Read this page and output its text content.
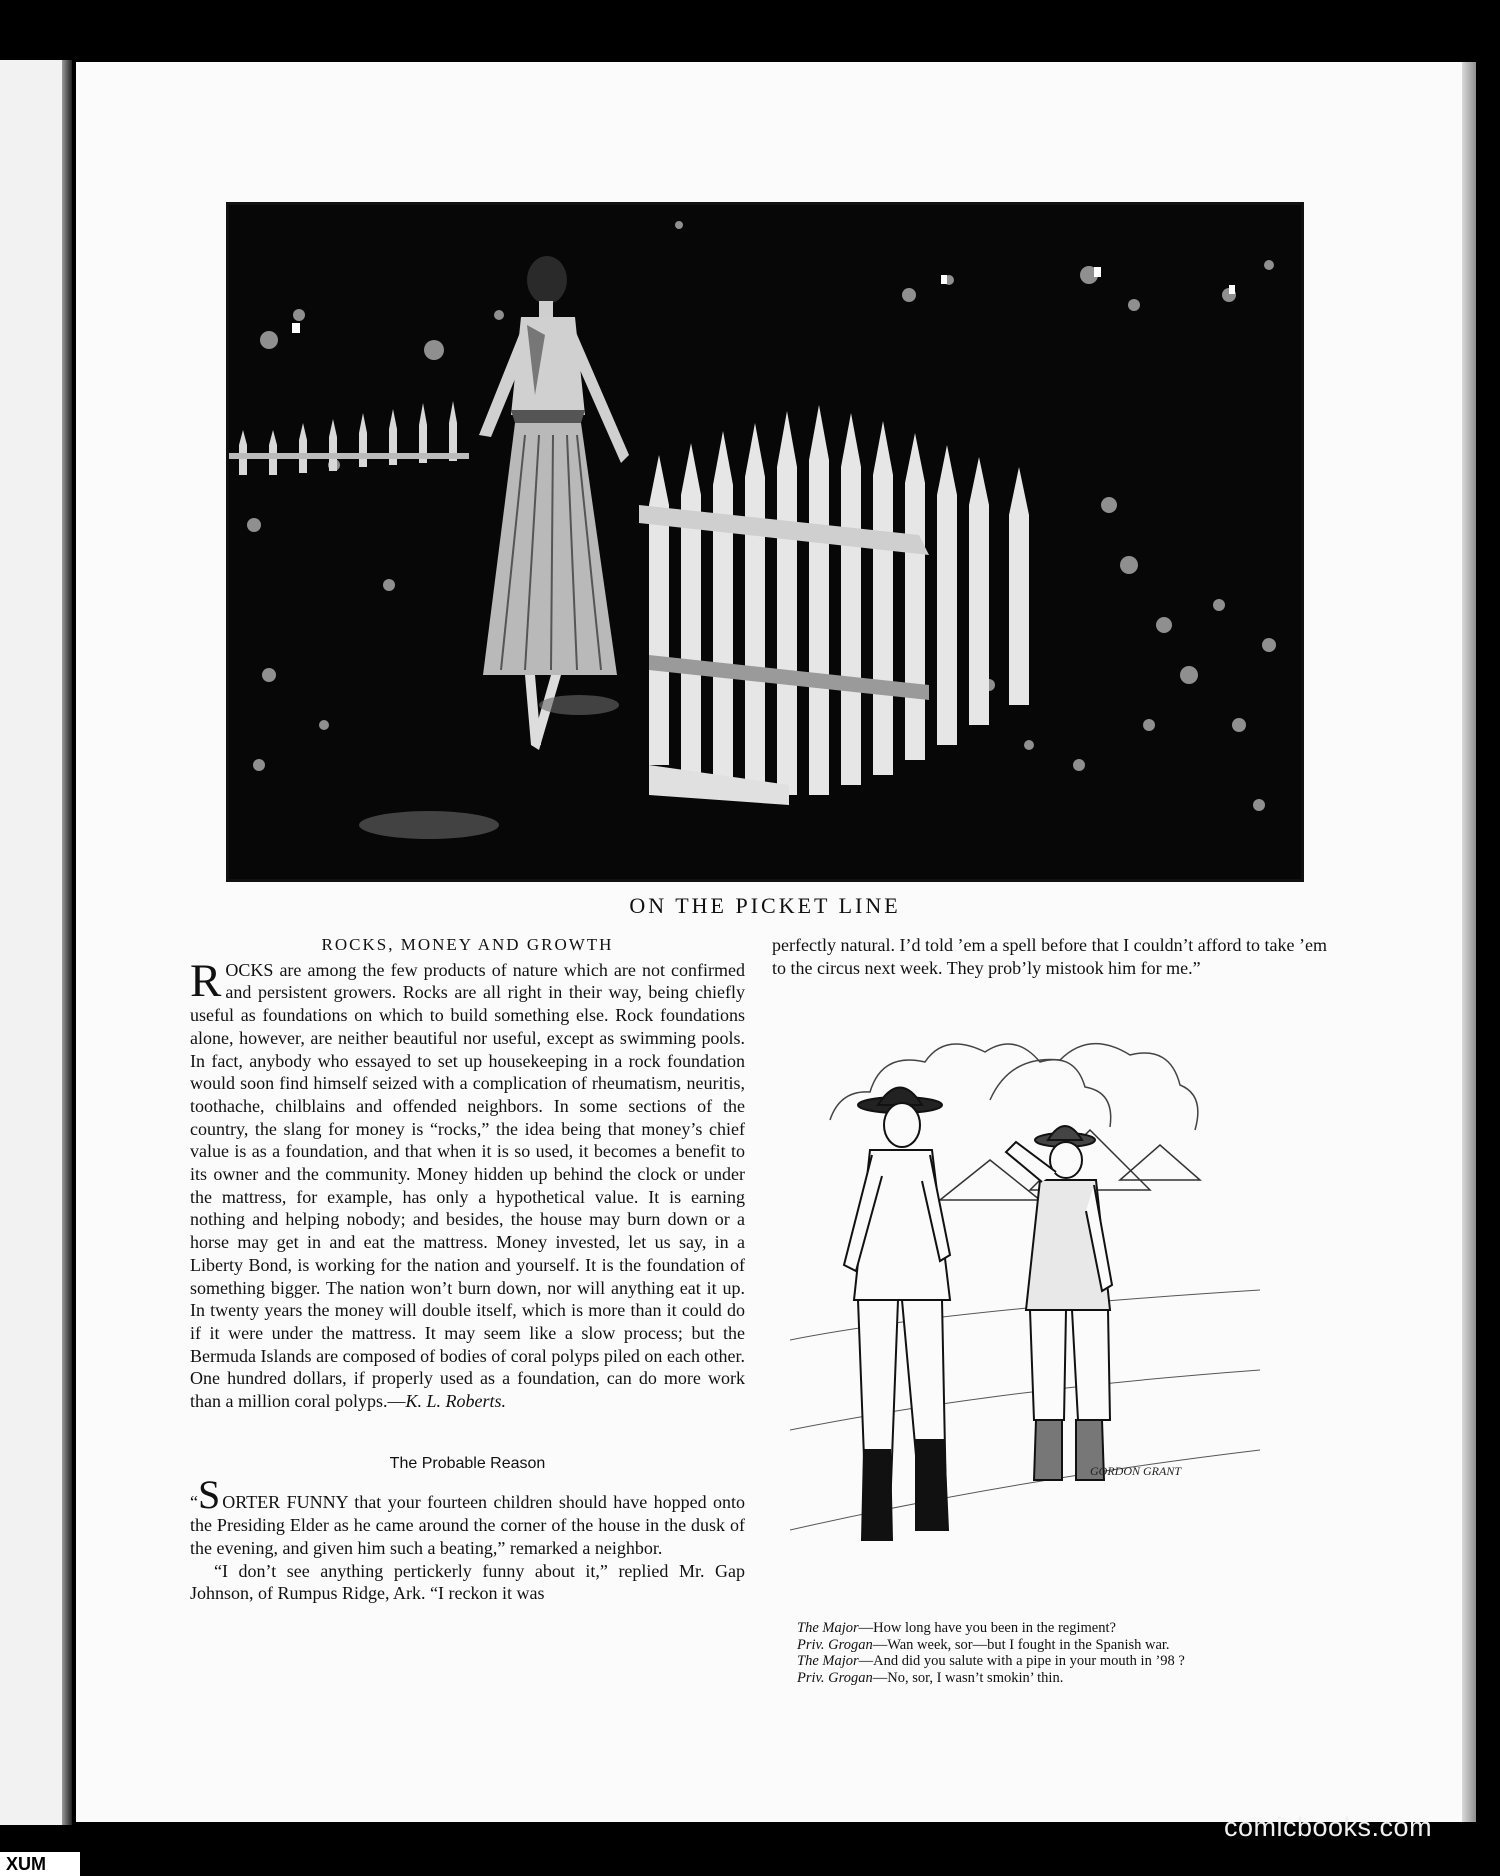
ON THE PICKET LINE
ROCKS, MONEY AND GROWTH

ROCKS are among the few products of nature which are not confirmed and persistent growers. Rocks are all right in their way, being chiefly useful as foundations on which to build something else. Rock foundations alone, however, are neither beautiful nor useful, except as swimming pools. In fact, anybody who essayed to set up housekeeping in a rock foundation would soon find himself seized with a complication of rheumatism, neuritis, toothache, chilblains and offended neighbors. In some sections of the country, the slang for money is “rocks,” the idea being that money’s chief value is as a foundation, and that when it is so used, it becomes a benefit to its owner and the community. Money hidden up behind the clock or under the mattress, for example, has only a hypothetical value. It is earning nothing and helping nobody; and besides, the house may burn down or a horse may get in and eat the mattress. Money invested, let us say, in a Liberty Bond, is working for the nation and yourself. It is the foundation of something bigger. The nation won’t burn down, nor will anything eat it up. In twenty years the money will double itself, which is more than it could do if it were under the mattress. It may seem like a slow process; but the Bermuda Islands are composed of bodies of coral polyps piled on each other. One hundred dollars, if properly used as a foundation, can do more work than a million coral polyps.—K. L. Roberts.

The Probable Reason

“S ORTER FUNNY that your fourteen children should have hopped onto the Presiding Elder as he came around the corner of the house in the dusk of the evening, and given him such a beating,” remarked a neighbor.

“I don’t see anything pertickerly funny about it,” replied Mr. Gap Johnson, of Rumpus Ridge, Ark. “I reckon it was

perfectly natural. I’d told ’em a spell before that I couldn’t afford to take ’em to the circus next week. They prob’ly mistook him for me.”

GORDON GRANT
The Major—How long have you been in the regiment?
Priv. Grogan—Wan week, sor—but I fought in the Spanish war.
The Major—And did you salute with a pipe in your mouth in ’98 ?
Priv. Grogan—No, sor, I wasn’t smokin’ thin.
comicbooks.com
XUM
